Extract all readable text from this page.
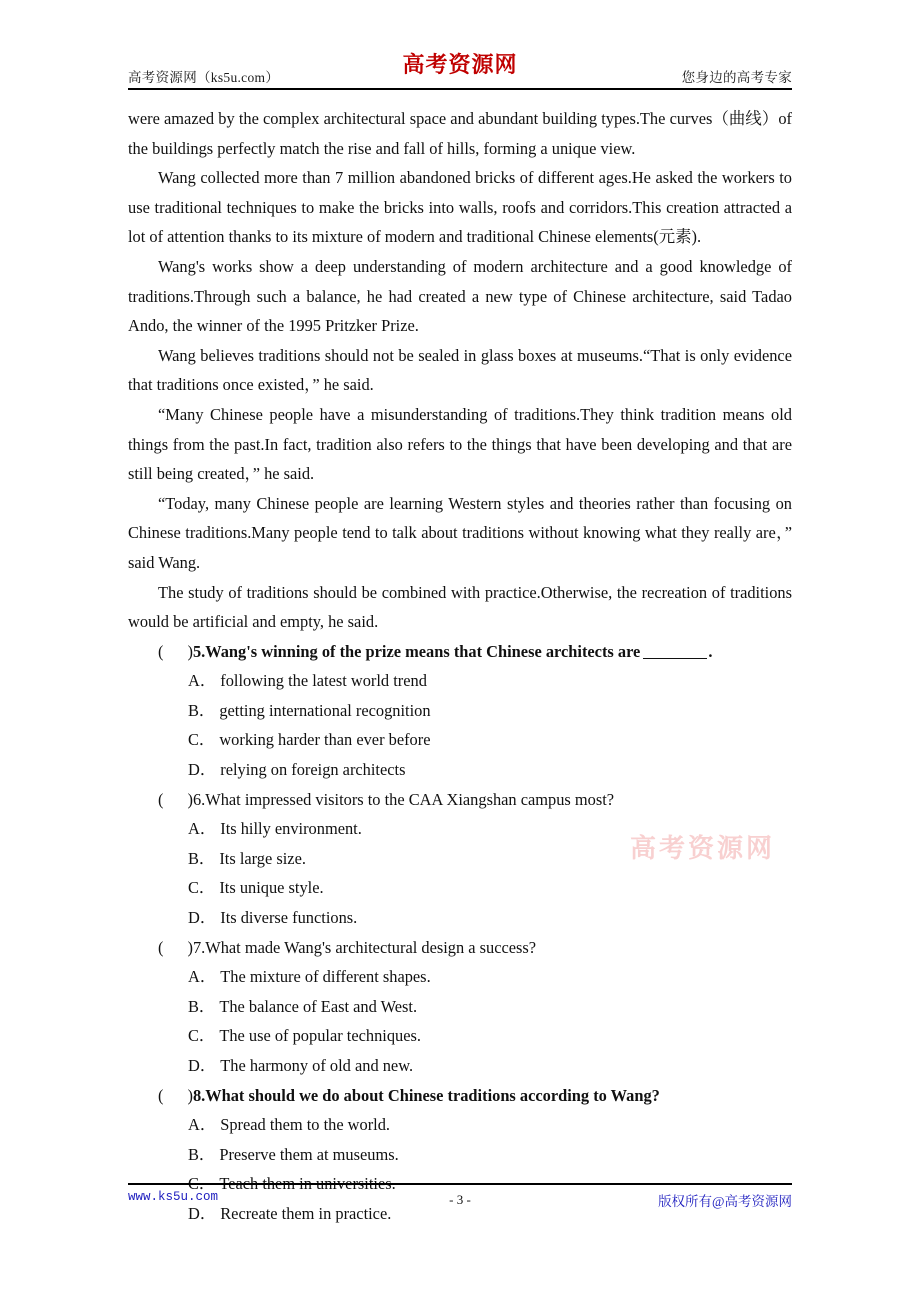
高考资源网（ks5u.com）	高考资源网	您身边的高考专家

were amazed by the complex architectural space and abundant building types.The curves（曲线）of the buildings perfectly match the rise and fall of hills, forming a unique view.

Wang collected more than 7 million abandoned bricks of different ages.He asked the workers to use traditional techniques to make the bricks into walls, roofs and corridors.This creation attracted a lot of attention thanks to its mixture of modern and traditional Chinese elements(元素).

Wang's works show a deep understanding of modern architecture and a good knowledge of traditions.Through such a balance, he had created a new type of Chinese architecture, said Tadao Ando, the winner of the 1995 Pritzker Prize.

Wang believes traditions should not be sealed in glass boxes at museums.“That is only evidence that traditions once existed，” he said.

“Many Chinese people have a misunderstanding of traditions.They think tradition means old things from the past.In fact, tradition also refers to the things that have been developing and that are still being created，” he said.

“Today, many Chinese people are learning Western styles and theories rather than focusing on Chinese traditions.Many people tend to talk about traditions without knowing what they really are，” said Wang.

The study of traditions should be combined with practice.Otherwise, the recreation of traditions would be artificial and empty, he said.

( )5.Wang's winning of the prize means that Chinese architects are	.

A． following the latest world trend

B． getting international recognition

C． working harder than ever before

D． relying on foreign architects

( )6.What impressed visitors to the CAA Xiangshan campus most?

A． Its hilly environment.

B． Its large size.

C． Its unique style.

D． Its diverse functions.

( )7.What made Wang's architectural design a success?

A． The mixture of different shapes.

B． The balance of East and West.

C． The use of popular techniques.

D． The harmony of old and new.

( )8.What should we do about Chinese traditions according to Wang?

A． Spread them to the world.

B． Preserve them at museums.

C． Teach them in universities.

D． Recreate them in practice.

高考资源网
www.ks5u.com	- 3 -	版权所有@高考资源网
